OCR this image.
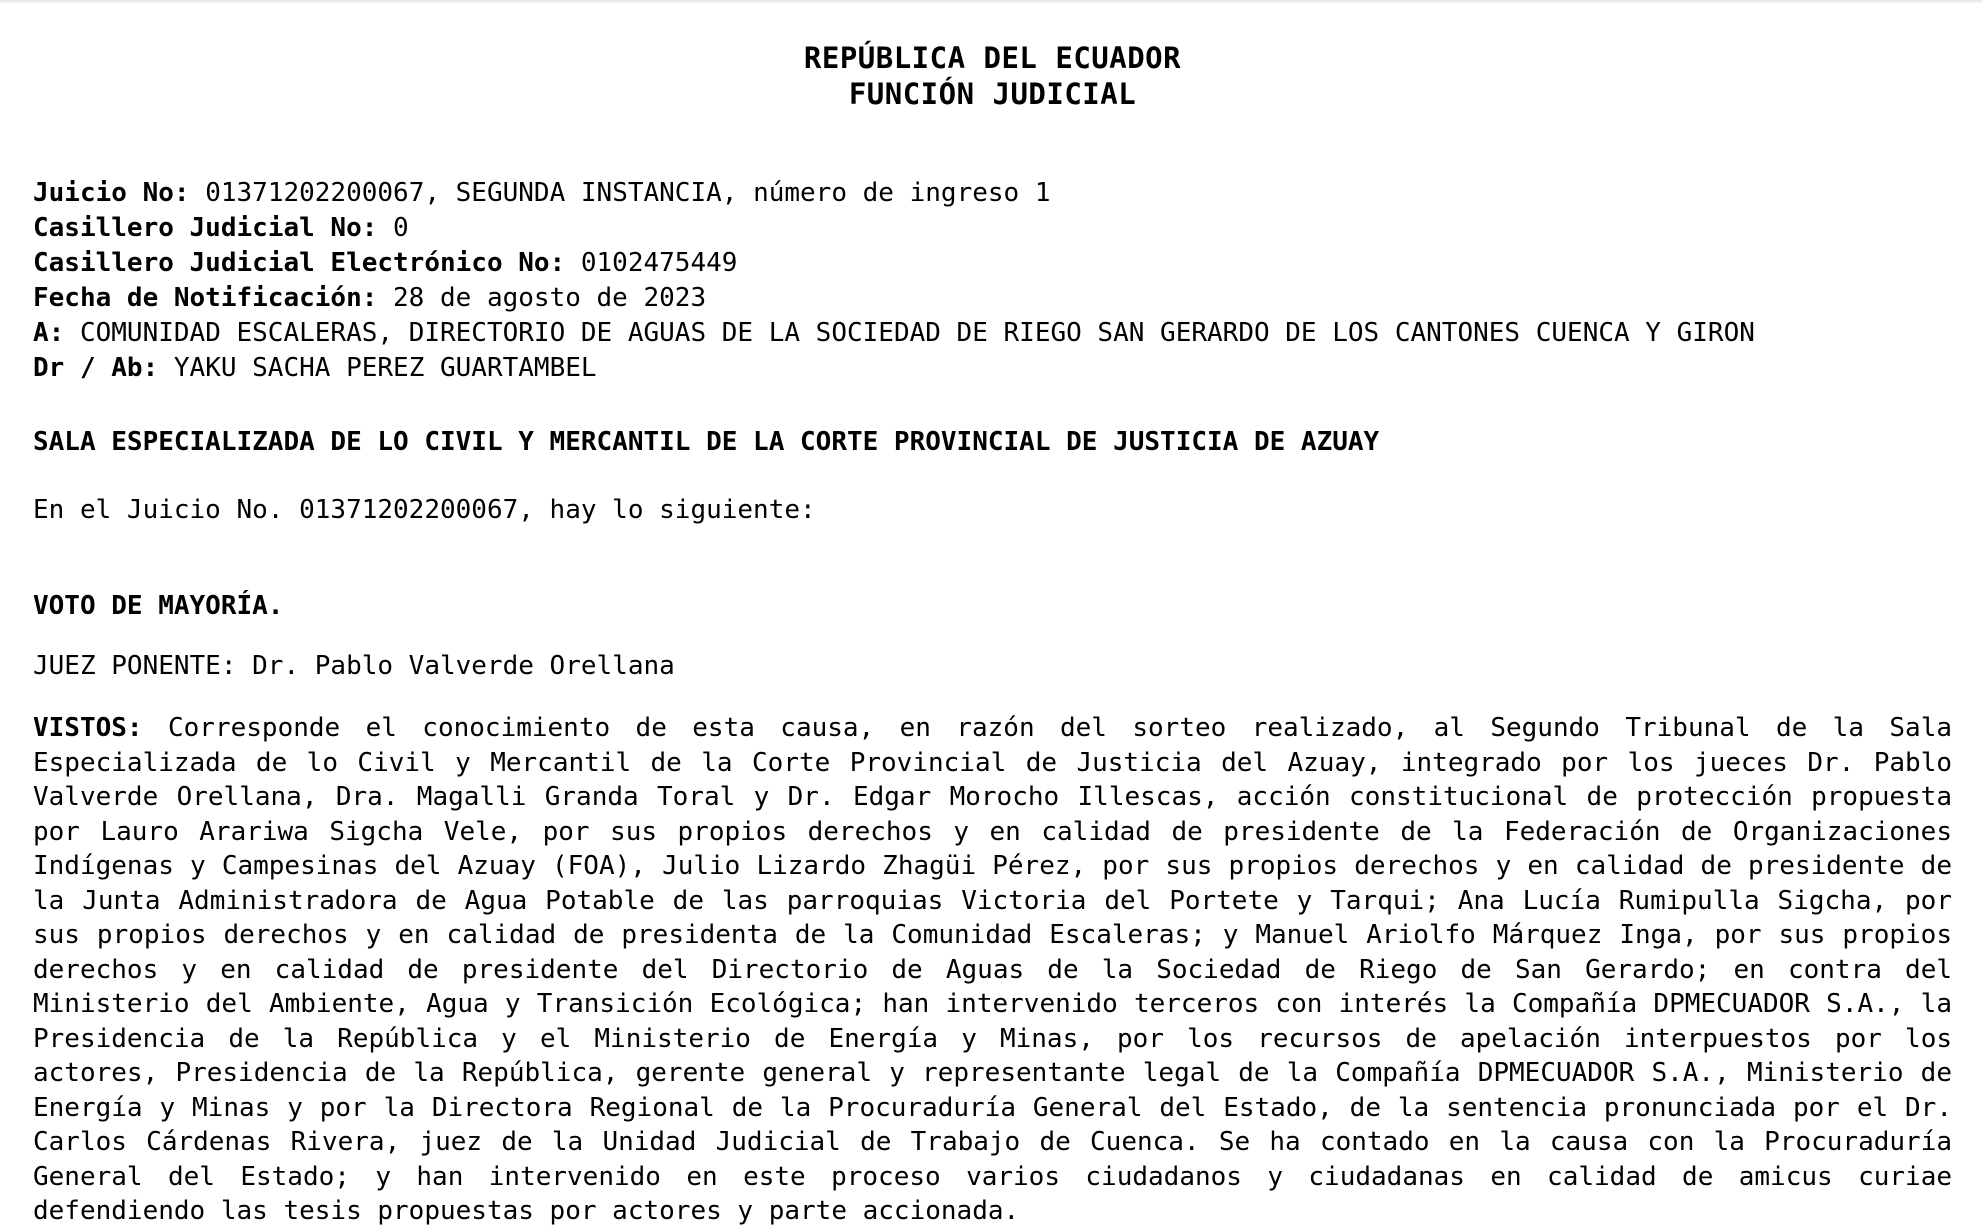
REPÚBLICA DEL ECUADOR
FUNCIÓN JUDICIAL
Juicio No: 01371202200067, SEGUNDA INSTANCIA, número de ingreso 1
Casillero Judicial No: 0
Casillero Judicial Electrónico No: 0102475449
Fecha de Notificación: 28 de agosto de 2023
A: COMUNIDAD ESCALERAS, DIRECTORIO DE AGUAS DE LA SOCIEDAD DE RIEGO SAN GERARDO DE LOS CANTONES CUENCA Y GIRON
Dr / Ab: YAKU SACHA PEREZ GUARTAMBEL
SALA ESPECIALIZADA DE LO CIVIL Y MERCANTIL DE LA CORTE PROVINCIAL DE JUSTICIA DE AZUAY
En el Juicio No. 01371202200067, hay lo siguiente:
VOTO DE MAYORÍA.
JUEZ PONENTE: Dr. Pablo Valverde Orellana
VISTOS: Corresponde el conocimiento de esta causa, en razón del sorteo realizado, al Segundo Tribunal de la Sala Especializada de lo Civil y Mercantil de la Corte Provincial de Justicia del Azuay, integrado por los jueces Dr. Pablo Valverde Orellana, Dra. Magalli Granda Toral y Dr. Edgar Morocho Illescas, acción constitucional de protección propuesta por Lauro Arariwa Sigcha Vele, por sus propios derechos y en calidad de presidente de la Federación de Organizaciones Indígenas y Campesinas del Azuay (FOA), Julio Lizardo Zhagüi Pérez, por sus propios derechos y en calidad de presidente de la Junta Administradora de Agua Potable de las parroquias Victoria del Portete y Tarqui; Ana Lucía Rumipulla Sigcha, por sus propios derechos y en calidad de presidenta de la Comunidad Escaleras; y Manuel Ariolfo Márquez Inga, por sus propios derechos y en calidad de presidente del Directorio de Aguas de la Sociedad de Riego de San Gerardo; en contra del Ministerio del Ambiente, Agua y Transición Ecológica; han intervenido terceros con interés la Compañía DPMECUADOR S.A., la Presidencia de la República y el Ministerio de Energía y Minas, por los recursos de apelación interpuestos por los actores, Presidencia de la República, gerente general y representante legal de la Compañía DPMECUADOR S.A., Ministerio de Energía y Minas y por la Directora Regional de la Procuraduría General del Estado, de la sentencia pronunciada por el Dr. Carlos Cárdenas Rivera, juez de la Unidad Judicial de Trabajo de Cuenca. Se ha contado en la causa con la Procuraduría General del Estado; y han intervenido en este proceso varios ciudadanos y ciudadanas en calidad de amicus curiae defendiendo las tesis propuestas por actores y parte accionada.
